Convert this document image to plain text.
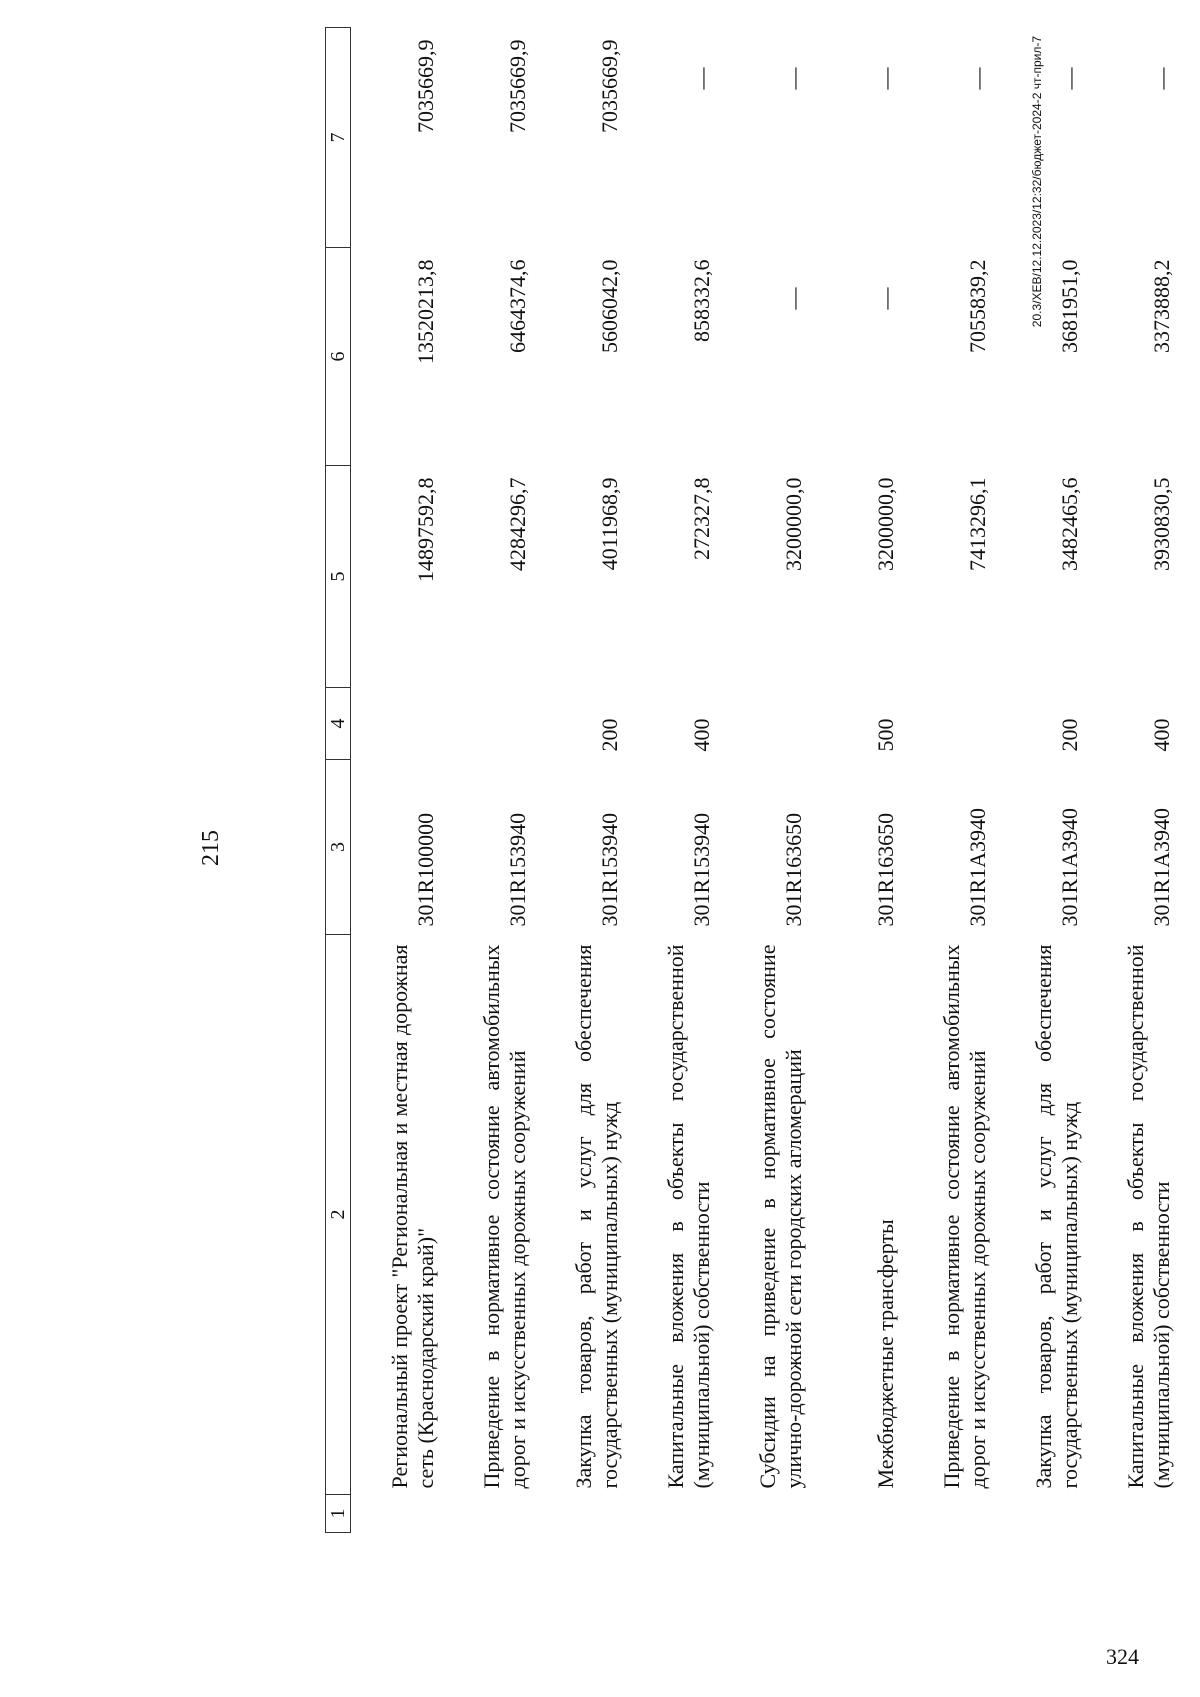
215
1	2	3	4	5	6	7
	Региональный проект "Региональная и местная дорожная сеть (Краснодарский край)"	301R100000		14897592,8	13520213,8	7035669,9
	Приведение в нормативное состояние автомобильных дорог и искусственных дорожных сооружений	301R153940		4284296,7	6464374,6	7035669,9
	Закупка товаров, работ и услуг для обеспечения государственных (муниципальных) нужд	301R153940	200	4011968,9	5606042,0	7035669,9
	Капитальные вложения в объекты государственной (муниципальной) собственности	301R153940	400	272327,8	858332,6	—
	Субсидии на приведение в нормативное состояние улично-дорожной сети городских агломераций	301R163650		3200000,0	—	—
	Межбюджетные трансферты	301R163650	500	3200000,0	—	—
	Приведение в нормативное состояние автомобильных дорог и искусственных дорожных сооружений	301R1A3940		7413296,1	7055839,2	—
	Закупка товаров, работ и услуг для обеспечения государственных (муниципальных) нужд	301R1A3940	200	3482465,6	3681951,0	—
	Капитальные вложения в объекты государственной (муниципальной) собственности	301R1A3940	400	3930830,5	3373888,2	—
20.3/XEB/12.12.2023/12:32/бюджет-2024-2 чт-прил-7
324
